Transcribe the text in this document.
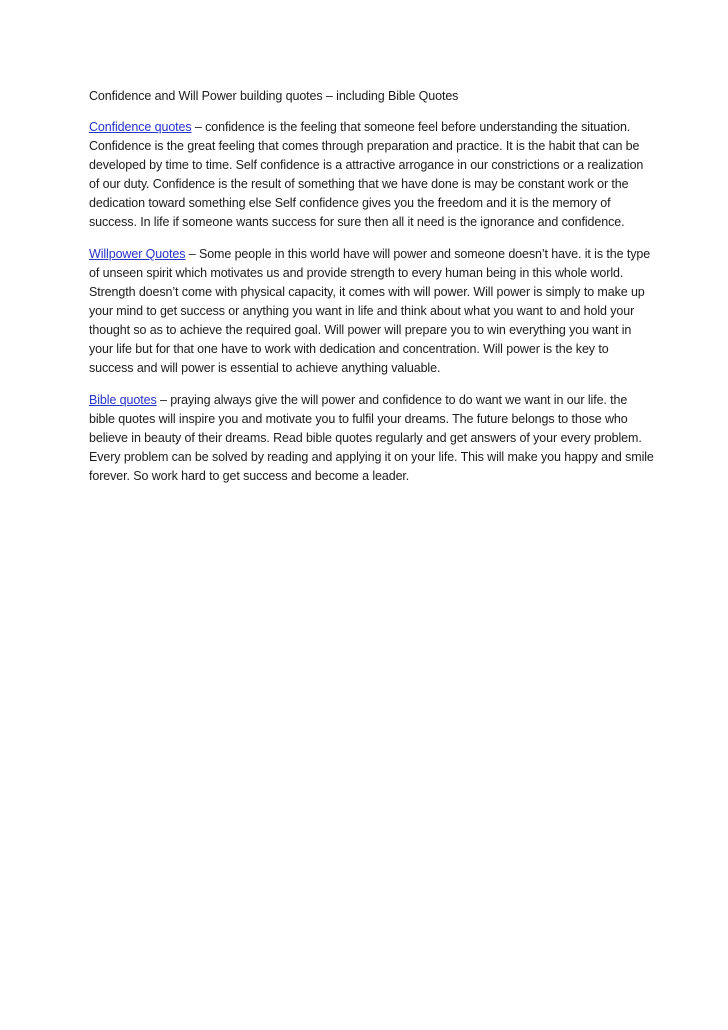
Confidence and Will Power building quotes – including Bible Quotes

Confidence quotes – confidence is the feeling that someone feel before understanding the situation. Confidence is the great feeling that comes through preparation and practice. It is the habit that can be developed by time to time. Self confidence is a attractive arrogance in our constrictions or a realization of our duty. Confidence is the result of something that we have done is may be constant work or the dedication toward something else Self confidence gives you the freedom and it is the memory of success. In life if someone wants success for sure then all it need is the ignorance and confidence.

Willpower Quotes – Some people in this world have will power and someone doesn’t have. it is the type of unseen spirit which motivates us and provide strength to every human being in this whole world. Strength doesn’t come with physical capacity, it comes with will power. Will power is simply to make up your mind to get success or anything you want in life and think about what you want to and hold your thought so as to achieve the required goal. Will power will prepare you to win everything you want in your life but for that one have to work with dedication and concentration. Will power is the key to success and will power is essential to achieve anything valuable.

Bible quotes – praying always give the will power and confidence to do want we want in our life. the bible quotes will inspire you and motivate you to fulfil your dreams. The future belongs to those who believe in beauty of their dreams. Read bible quotes regularly and get answers of your every problem. Every problem can be solved by reading and applying it on your life. This will make you happy and smile forever. So work hard to get success and become a leader.
